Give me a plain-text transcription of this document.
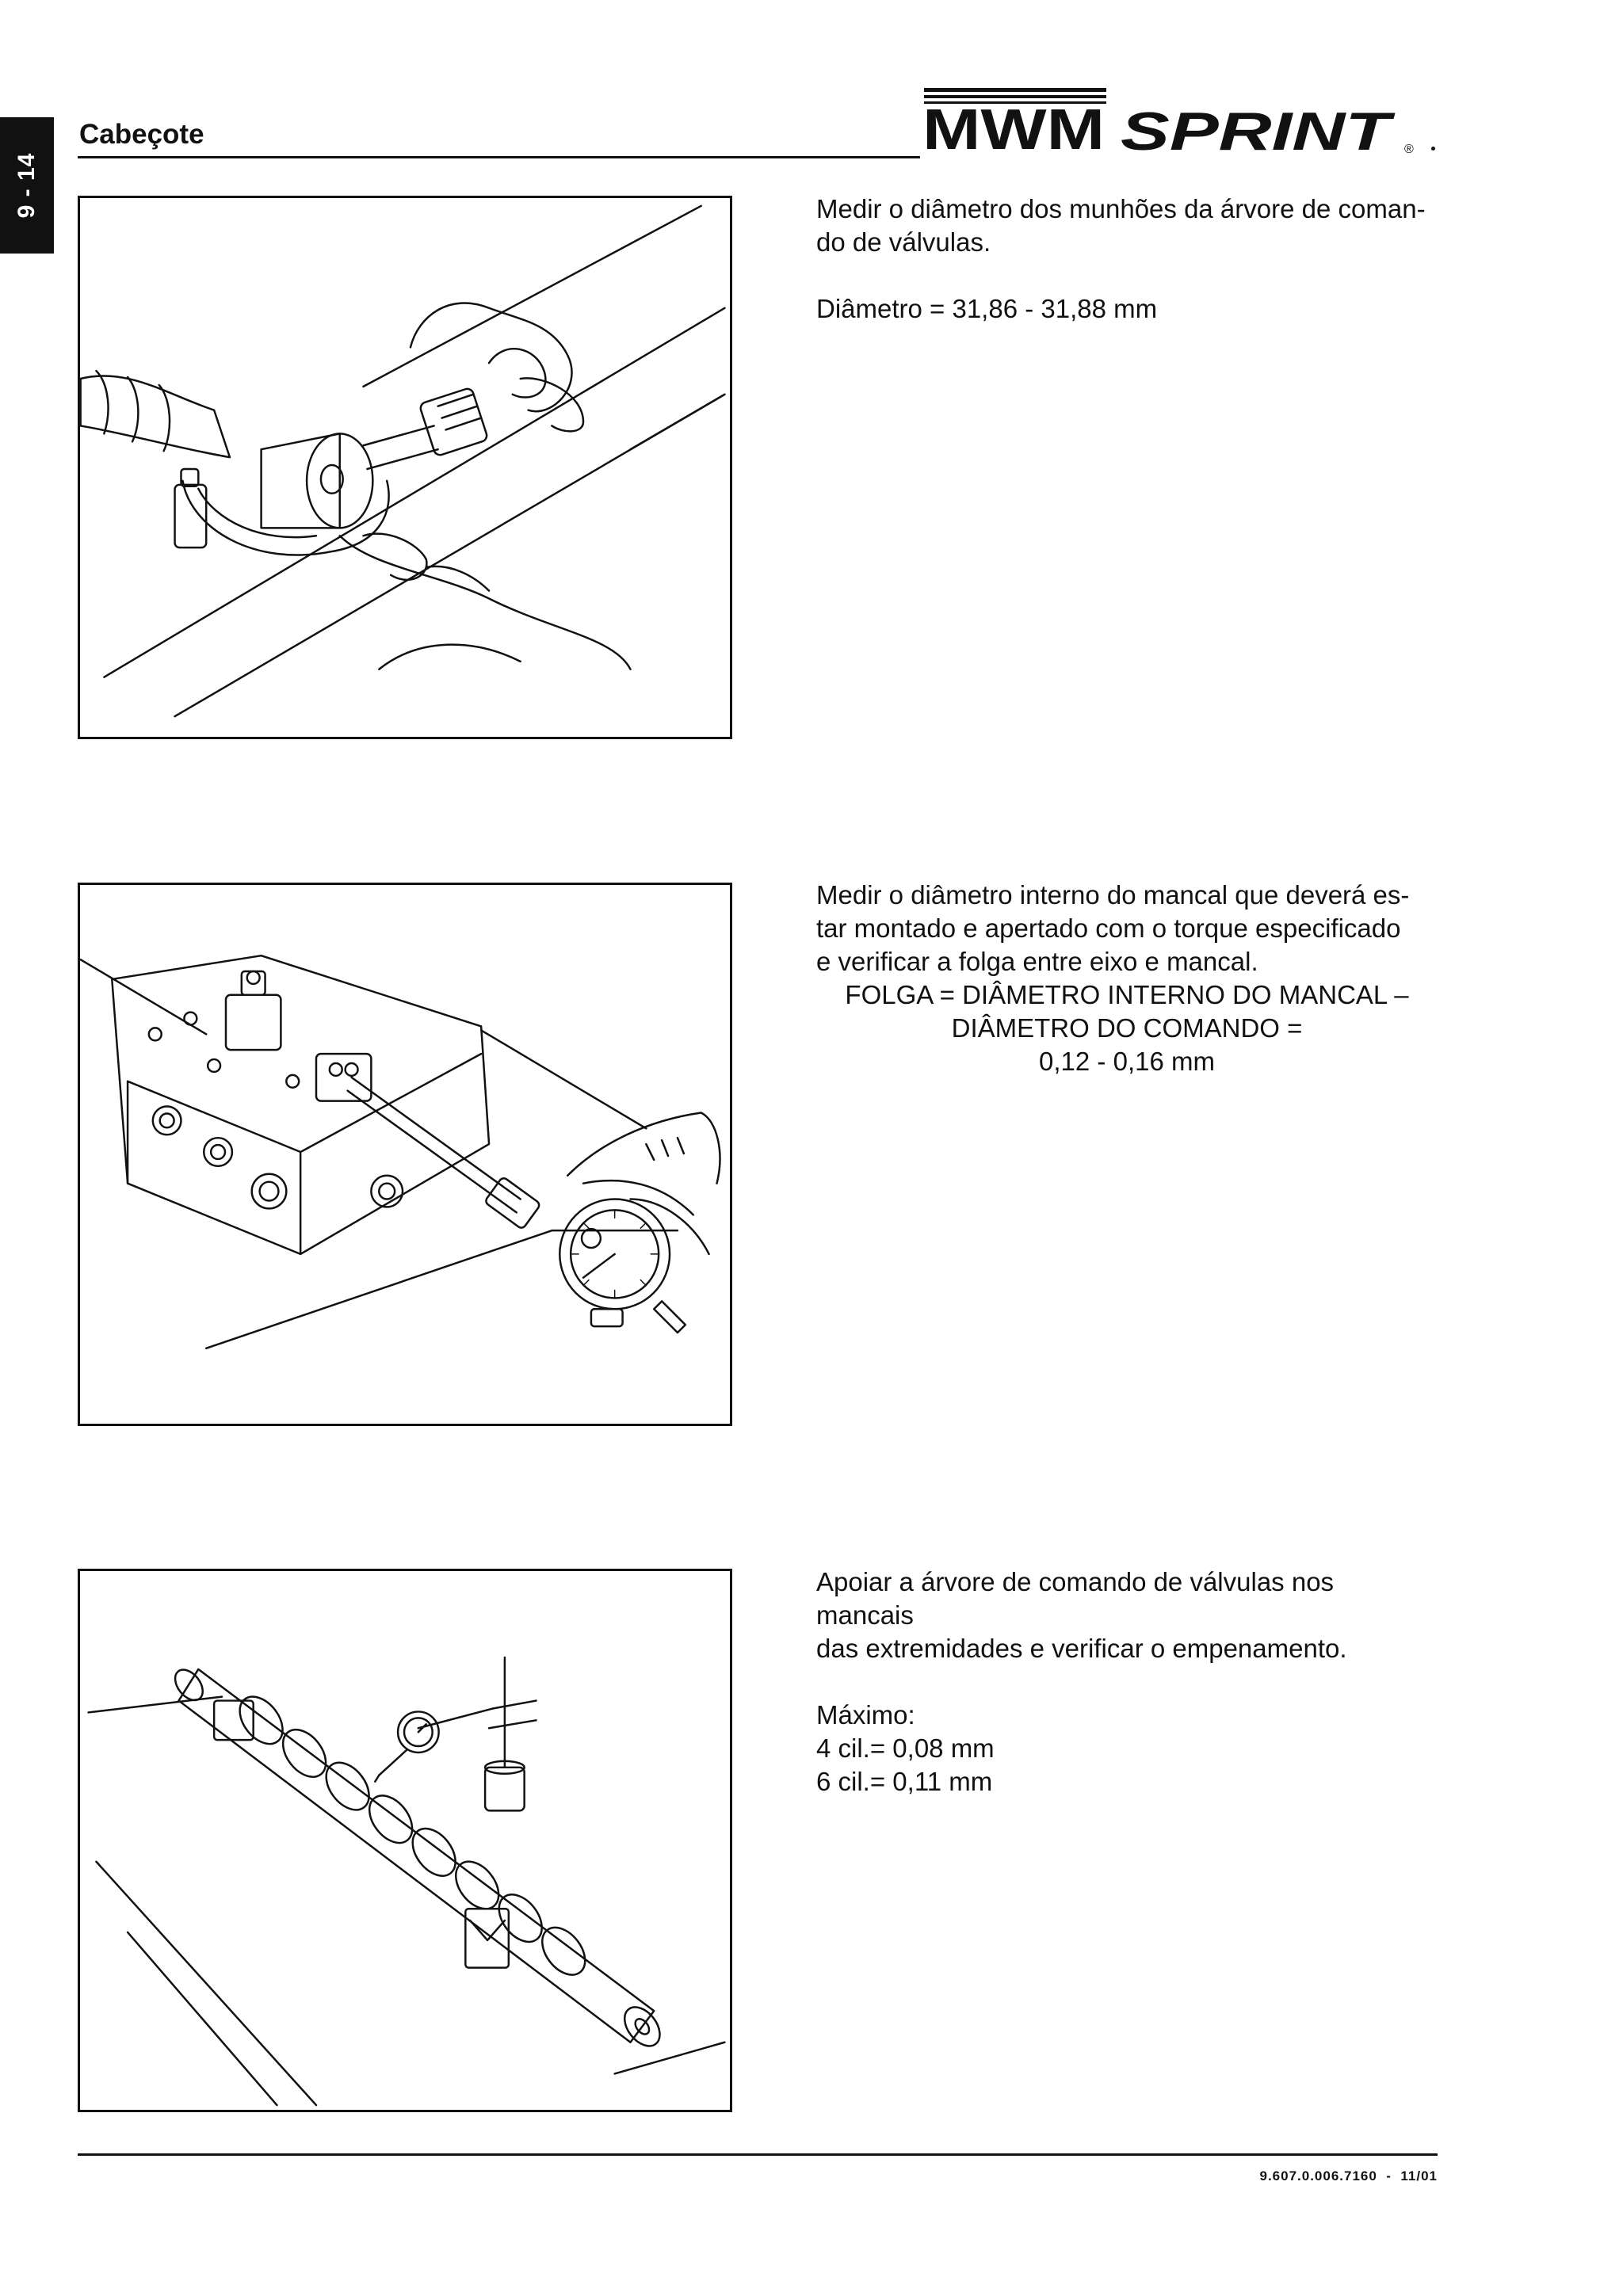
9 - 14
Cabeçote	MWM SPRINT ®

Medir o diâmetro dos munhões da árvore de coman-

do de válvulas.

Diâmetro = 31,86 - 31,88 mm

Medir o diâmetro interno do mancal que deverá es-

tar montado e apertado com o torque especificado

e verificar a folga entre eixo e mancal.

FOLGA = DIÂMETRO INTERNO DO MANCAL –

DIÂMETRO DO COMANDO =

0,12 - 0,16 mm

Apoiar a árvore de comando de válvulas nos mancais

das extremidades e verificar o empenamento.

Máximo:

4 cil.= 0,08 mm

6 cil.= 0,11 mm

9.607.0.006.7160  -  11/01
